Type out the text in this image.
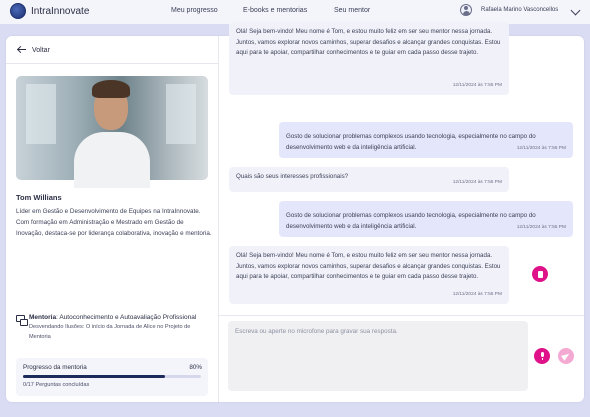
IntraInnovate	Meu progresso	E-books e mentorias	Seu mentor	Rafaela Marino Vasconcellos
Voltar
Tom Willians
Líder em Gestão e Desenvolvimento de Equipes na IntraInnovate. Com formação em Administração e Mestrado em Gestão de Inovação, destaca-se por liderança colaborativa, inovação e mentoria.
Mentoria: Autoconhecimento e Autoavaliação Profissional
Desvendando Ilusões: O início da Jornada de Alice no Projeto de Mentoria
Progresso da mentoria	80%
0/17 Perguntas concluídas
Olá! Seja bem-vindo! Meu nome é Tom, e estou muito feliz em ser seu mentor nessa jornada. Juntos, vamos explorar novos caminhos, superar desafios e alcançar grandes conquistas. Estou aqui para te apoiar, compartilhar conhecimentos e te guiar em cada passo desse trajeto.
12/11/2024 às 7:55 PM
Gosto de solucionar problemas complexos usando tecnologia, especialmente no campo do desenvolvimento web e da inteligência artificial.	12/11/2024 às 7:55 PM
Quais são seus interesses profissionais?
12/11/2024 às 7:55 PM
Gosto de solucionar problemas complexos usando tecnologia, especialmente no campo do desenvolvimento web e da inteligência artificial.	12/11/2024 às 7:55 PM
Olá! Seja bem-vindo! Meu nome é Tom, e estou muito feliz em ser seu mentor nessa jornada. Juntos, vamos explorar novos caminhos, superar desafios e alcançar grandes conquistas. Estou aqui para te apoiar, compartilhar conhecimentos e te guiar em cada passo desse trajeto.
12/11/2024 às 7:55 PM
Escreva ou aperte no microfone para gravar sua resposta.
